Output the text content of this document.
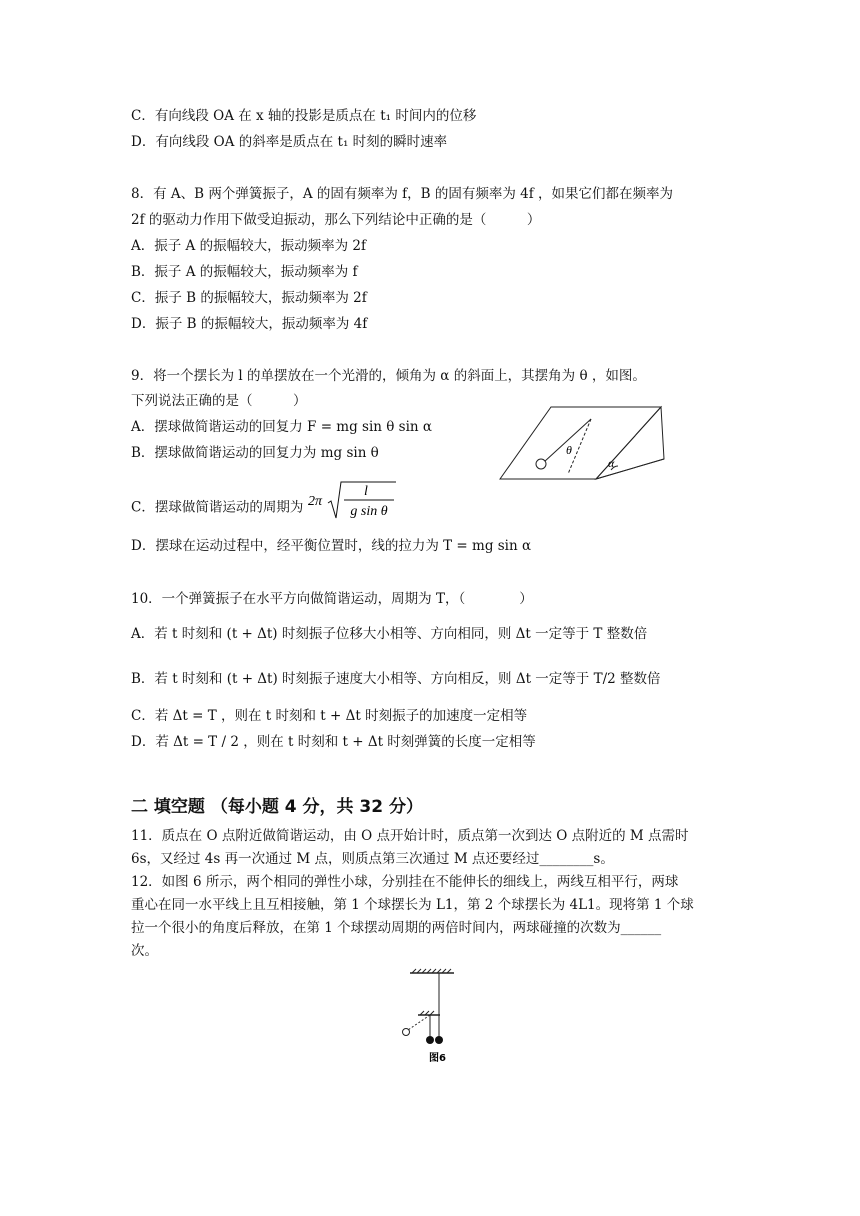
C．有向线段 OA 在 x 轴的投影是质点在 t₁ 时间内的位移
D．有向线段 OA 的斜率是质点在 t₁ 时刻的瞬时速率
8．有 A、B 两个弹簧振子，A 的固有频率为 f，B 的固有频率为 4f ，如果它们都在频率为
2f 的驱动力作用下做受迫振动，那么下列结论中正确的是（　　　）
A．振子 A 的振幅较大，振动频率为 2f
B．振子 A 的振幅较大，振动频率为 f
C．振子 B 的振幅较大，振动频率为 2f
D．振子 B 的振幅较大，振动频率为 4f
9．将一个摆长为 l 的单摆放在一个光滑的，倾角为 α 的斜面上，其摆角为 θ ，如图。
下列说法正确的是（　　　）
A．摆球做简谐运动的回复力 F = mg sin θ sin α
B．摆球做简谐运动的回复力为 mg sin θ
C．摆球做简谐运动的周期为 2π
l
g sin θ
D．摆球在运动过程中，经平衡位置时，线的拉力为 T = mg sin α
θ
α
10．一个弹簧振子在水平方向做简谐运动，周期为 T，（　　　　）
A．若 t 时刻和 (t + Δt) 时刻振子位移大小相等、方向相同，则 Δt 一定等于 T 整数倍
B．若 t 时刻和 (t + Δt) 时刻振子速度大小相等、方向相反，则 Δt 一定等于 T/2 整数倍
C．若 Δt = T ，则在 t 时刻和 t + Δt 时刻振子的加速度一定相等
D．若 Δt = T / 2 ，则在 t 时刻和 t + Δt 时刻弹簧的长度一定相等
二 填空题 （每小题 4 分，共 32 分）
11．质点在 O 点附近做简谐运动，由 O 点开始计时，质点第一次到达 O 点附近的 M 点需时
6s，又经过 4s 再一次通过 M 点，则质点第三次通过 M 点还要经过________s。
12．如图 6 所示，两个相同的弹性小球，分别挂在不能伸长的细线上，两线互相平行，两球
重心在同一水平线上且互相接触，第 1 个球摆长为 L1，第 2 个球摆长为 4L1。现将第 1 个球
拉一个很小的角度后释放，在第 1 个球摆动周期的两倍时间内，两球碰撞的次数为______
次。
图6
